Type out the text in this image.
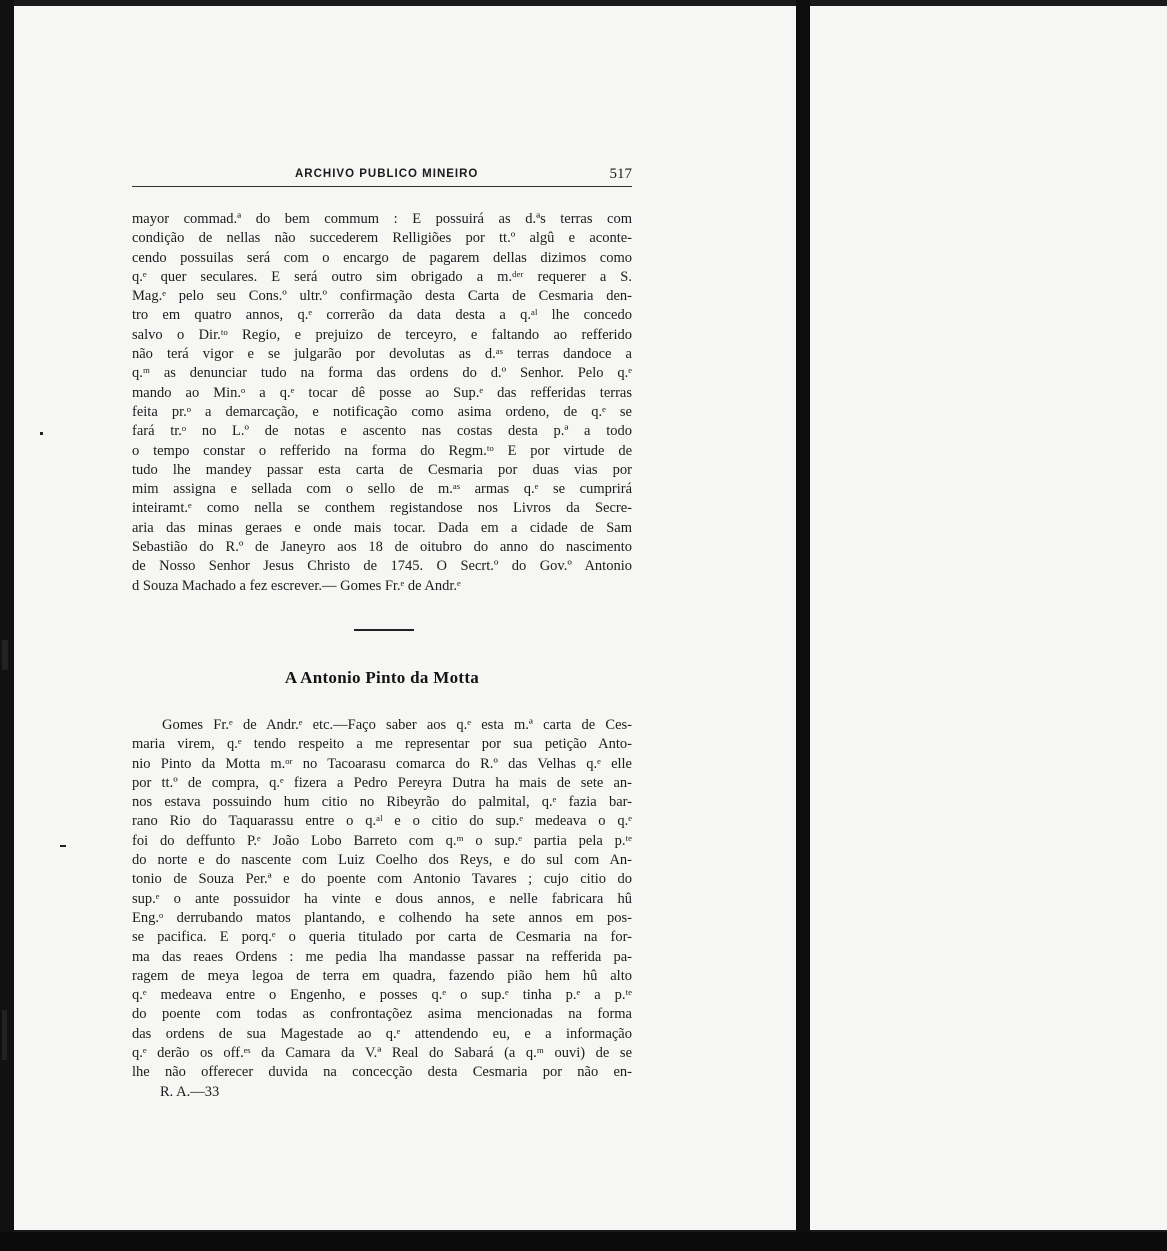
ARCHIVO PUBLICO MINEIRO	517
mayor commad.ª do bem commum : E possuirá as d.ªs terras com
condição de nellas não succederem Relligiões por tt.º algû e aconte-
cendo possuilas será com o encargo de pagarem dellas dizimos como
q.ᵉ quer seculares. E será outro sim obrigado a m.ᵈᵉʳ requerer a S.
Mag.ᵉ pelo seu Cons.º ultr.º confirmação desta Carta de Cesmaria den-
tro em quatro annos, q.ᵉ correrão da data desta a q.ᵃˡ lhe concedo
salvo o Dir.ᵗᵒ Regio, e prejuizo de terceyro, e faltando ao refferido
não terá vigor e se julgarão por devolutas as d.ᵃˢ terras dandoce a
q.ᵐ as denunciar tudo na forma das ordens do d.º Senhor. Pelo q.ᵉ
mando ao Min.ᵒ a q.ᵉ tocar dê posse ao Sup.ᵉ das refferidas terras
feita pr.ᵒ a demarcação, e notificação como asima ordeno, de q.ᵉ se
fará tr.ᵒ no L.º de notas e ascento nas costas desta p.ª a todo
o tempo constar o refferido na forma do Regm.ᵗᵒ E por virtude de
tudo lhe mandey passar esta carta de Cesmaria por duas vias por
mim assigna e sellada com o sello de m.ᵃˢ armas q.ᵉ se cumprirá
inteiramt.ᵉ como nella se conthem registandose nos Livros da Secre-
aria das minas geraes e onde mais tocar. Dada em a cidade de Sam
Sebastião do R.º de Janeyro aos 18 de oitubro do anno do nascimento
de Nosso Senhor Jesus Christo de 1745. O Secrt.º do Gov.º Antonio
d Souza Machado a fez escrever.— Gomes Fr.ᵉ de Andr.ᵉ
A Antonio Pinto da Motta
Gomes Fr.ᵉ de Andr.ᵉ etc.—Faço saber aos q.ᵉ esta m.ª carta de Ces-
maria virem, q.ᵉ tendo respeito a me representar por sua petição Anto-
nio Pinto da Motta m.ᵒʳ no Tacoarasu comarca do R.º das Velhas q.ᵉ elle
por tt.º de compra, q.ᵉ fizera a Pedro Pereyra Dutra ha mais de sete an-
nos estava possuindo hum citio no Ribeyrão do palmital, q.ᵉ fazia bar-
rano Rio do Taquarassu entre o q.ᵃˡ e o citio do sup.ᵉ medeava o q.ᵉ
foi do deffunto P.ᵉ João Lobo Barreto com q.ᵐ o sup.ᵉ partia pela p.ᵗᵉ
do norte e do nascente com Luiz Coelho dos Reys, e do sul com An-
tonio de Souza Per.ª e do poente com Antonio Tavares ; cujo citio do
sup.ᵉ o ante possuidor ha vinte e dous annos, e nelle fabricara hû
Eng.ᵒ derrubando matos plantando, e colhendo ha sete annos em pos-
se pacifica. E porq.ᵉ o queria titulado por carta de Cesmaria na for-
ma das reaes Ordens : me pedia lha mandasse passar na refferida pa-
ragem de meya legoa de terra em quadra, fazendo pião hem hû alto
q.ᵉ medeava entre o Engenho, e posses q.ᵉ o sup.ᵉ tinha p.ᵉ a p.ᵗᵉ
do poente com todas as confrontaçõez asima mencionadas na forma
das ordens de sua Magestade ao q.ᵉ attendendo eu, e a informação
q.ᵉ derão os off.ᵉˢ da Camara da V.ª Real do Sabará (a q.ᵐ ouvi) de se
lhe não offerecer duvida na concecção desta Cesmaria por não en-
R. A.—33
